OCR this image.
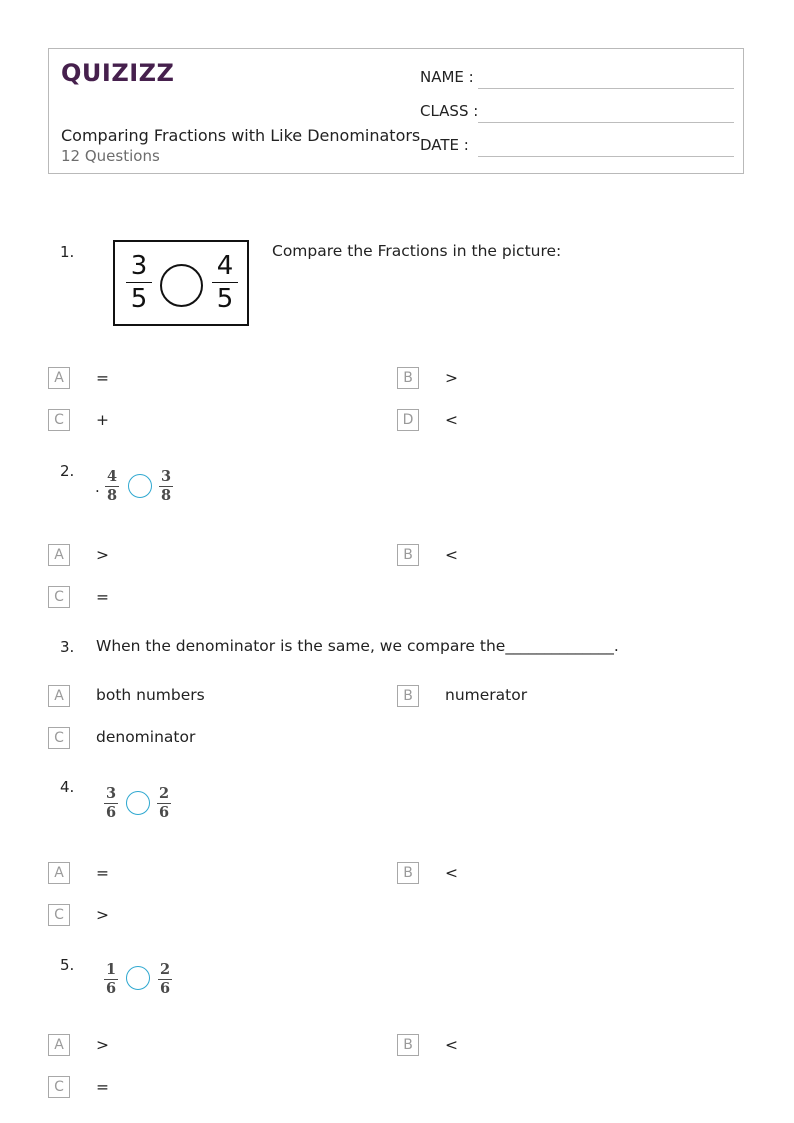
QUIZIZZ
Comparing Fractions with Like Denominators
12 Questions
NAME :
CLASS :
DATE :
1. 3
5
4
5
Compare the Fractions in the picture:
A	=	B	>
C	+	D	<
2.
.
4
8
3
8
A	>	B	<
C	=
3. When the denominator is the same, we compare the______________.
A	both numbers	B	numerator
C	denominator
4. 3
6
2
6
A	=	B	<
C	>
5. 1
6
2
6
A	>	B	<
C	=
